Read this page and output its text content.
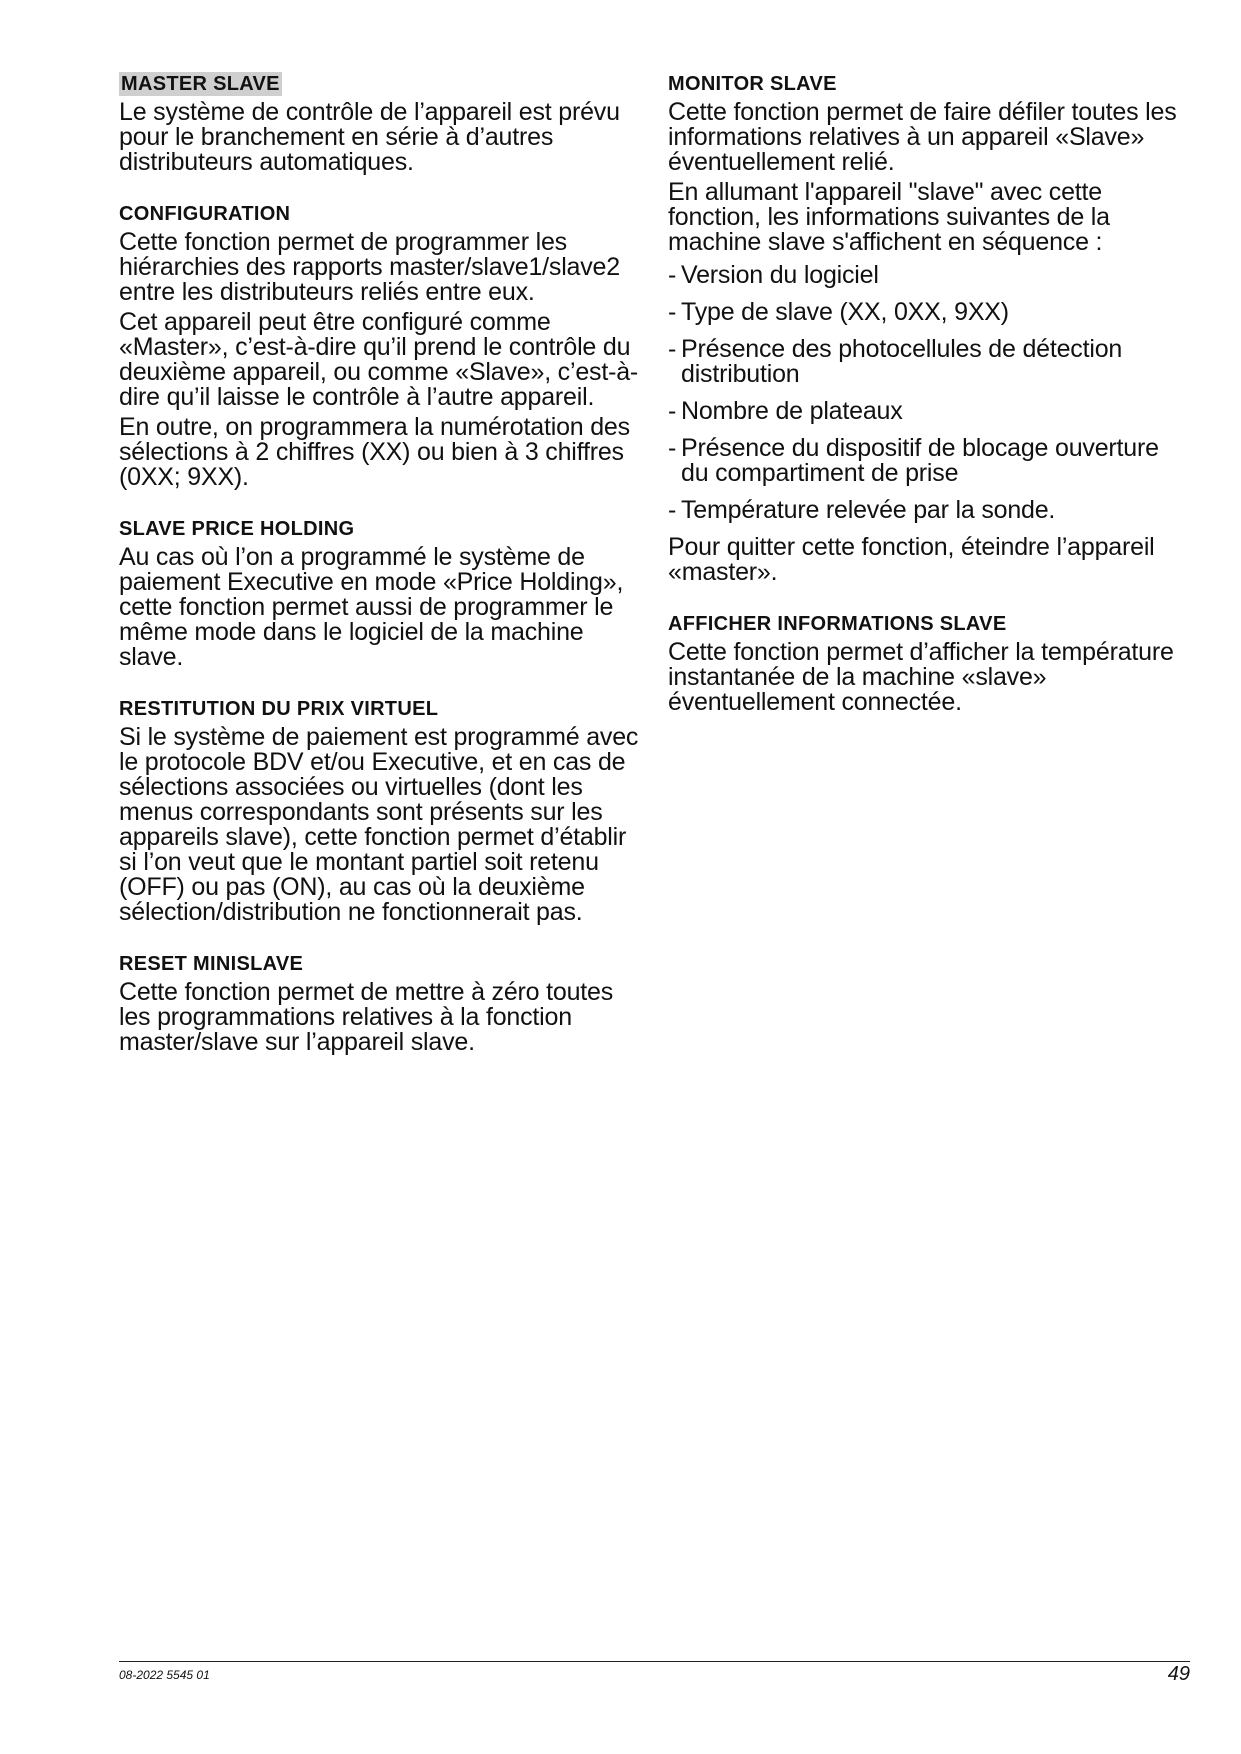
MASTER SLAVE

Le système de contrôle de l’appareil est prévu pour le branchement en série à d’autres distributeurs automatiques.

CONFIGURATION

Cette fonction permet de programmer les hiérarchies des rapports master/slave1/slave2 entre les distributeurs reliés entre eux.

Cet appareil peut être configuré comme «Master», c’est-à-dire qu’il prend le contrôle du deuxième appareil, ou comme «Slave», c’est-à-dire qu’il laisse le contrôle à l’autre appareil.

En outre, on programmera la numérotation des sélections à 2 chiffres (XX) ou bien à 3 chiffres (0XX; 9XX).

SLAVE PRICE HOLDING

Au cas où l’on a programmé le système de paiement Executive en mode «Price Holding», cette fonction permet aussi de programmer le même mode dans le logiciel de la machine slave.

RESTITUTION DU PRIX VIRTUEL

Si le système de paiement est programmé avec le protocole BDV et/ou Executive, et en cas de sélections associées ou virtuelles (dont les menus correspondants sont présents sur les appareils slave), cette fonction permet d’établir si l’on veut que le montant partiel soit retenu (OFF) ou pas (ON), au cas où la deuxième sélection/distribution ne fonctionnerait pas.

RESET MINISLAVE

Cette fonction permet de mettre à zéro toutes les programmations relatives à la fonction master/slave sur l’appareil slave.

MONITOR SLAVE

Cette fonction permet de faire défiler toutes les informations relatives à un appareil «Slave» éventuellement relié.

En allumant l'appareil "slave" avec cette fonction, les informations suivantes de la machine slave s'affichent en séquence :

- Version du logiciel
- Type de slave (XX, 0XX, 9XX)
- Présence des photocellules de détection distribution
- Nombre de plateaux
- Présence du dispositif de blocage ouverture du compartiment de prise
- Température relevée par la sonde.

Pour quitter cette fonction, éteindre l’appareil «master».

AFFICHER INFORMATIONS SLAVE

Cette fonction permet d’afficher la température instantanée de la machine «slave» éventuellement connectée.

08-2022 5545 01	49
